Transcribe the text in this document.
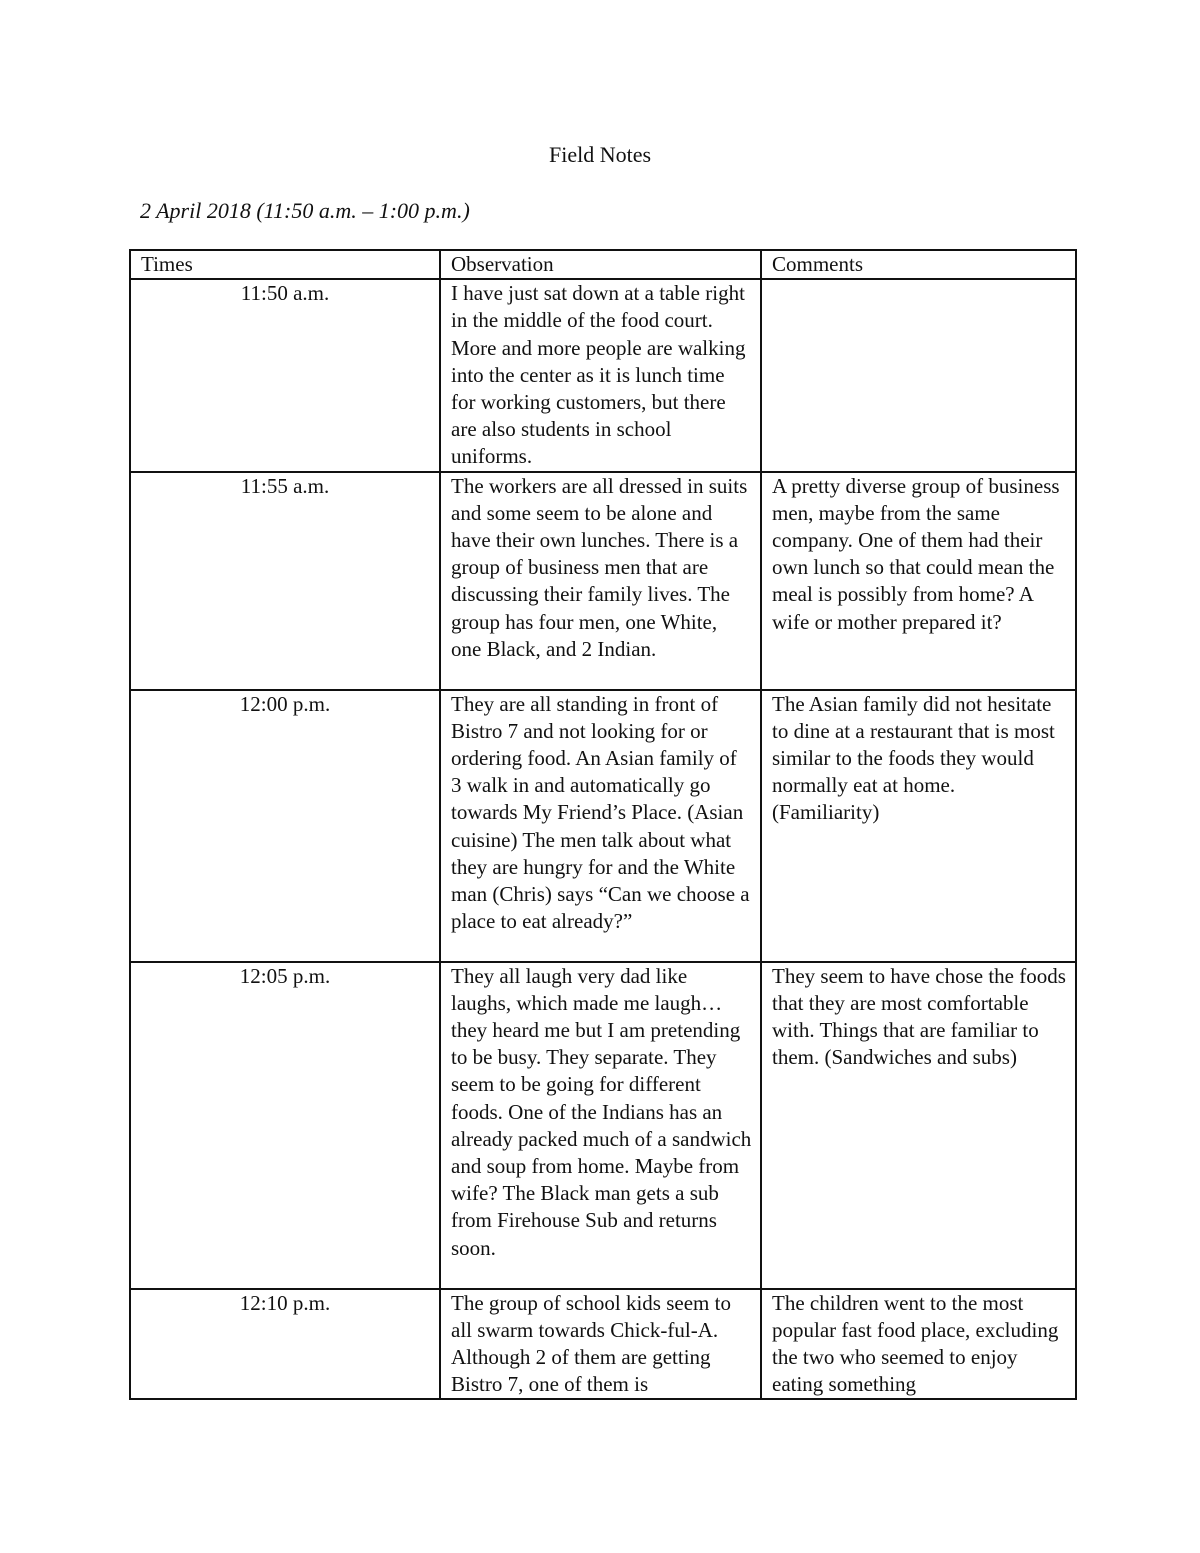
Field Notes
2 April 2018 (11:50 a.m. – 1:00 p.m.)
Times	Observation	Comments
11:50 a.m.	I have just sat down at a table right in the middle of the food court. More and more people are walking into the center as it is lunch time for working customers, but there are also students in school uniforms.	
11:55 a.m.	The workers are all dressed in suits and some seem to be alone and have their own lunches. There is a group of business men that are discussing their family lives. The group has four men, one White, one Black, and 2 Indian.	A pretty diverse group of business men, maybe from the same company. One of them had their own lunch so that could mean the meal is possibly from home? A wife or mother prepared it?
12:00 p.m.	They are all standing in front of Bistro 7 and not looking for or ordering food. An Asian family of 3 walk in and automatically go towards My Friend’s Place. (Asian cuisine) The men talk about what they are hungry for and the White man (Chris) says “Can we choose a place to eat already?”	The Asian family did not hesitate to dine at a restaurant that is most similar to the foods they would normally eat at home. (Familiarity)
12:05 p.m.	They all laugh very dad like laughs, which made me laugh… they heard me but I am pretending to be busy. They separate. They seem to be going for different foods. One of the Indians has an already packed much of a sandwich and soup from home. Maybe from wife? The Black man gets a sub from Firehouse Sub and returns soon.	They seem to have chose the foods that they are most comfortable with. Things that are familiar to them. (Sandwiches and subs)
12:10 p.m.	The group of school kids seem to all swarm towards Chick-ful-A. Although 2 of them are getting Bistro 7, one of them is	The children went to the most popular fast food place, excluding the two who seemed to enjoy eating something
